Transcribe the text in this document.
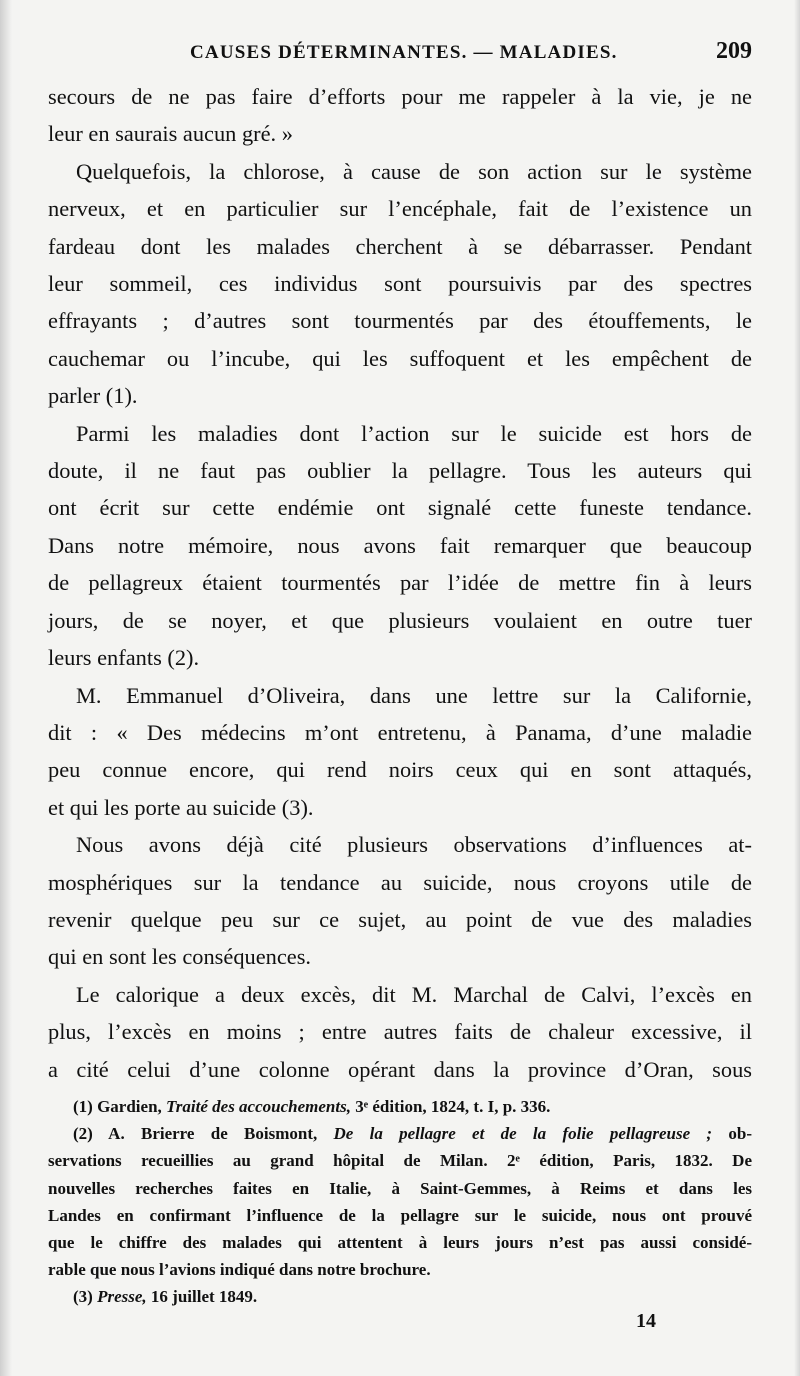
CAUSES DÉTERMINANTES. — MALADIES.	209
secours de ne pas faire d’efforts pour me rappeler à la vie, je ne
leur en saurais aucun gré. »
Quelquefois, la chlorose, à cause de son action sur le système
nerveux, et en particulier sur l’encéphale, fait de l’existence un
fardeau dont les malades cherchent à se débarrasser. Pendant
leur sommeil, ces individus sont poursuivis par des spectres
effrayants ; d’autres sont tourmentés par des étouffements, le
cauchemar ou l’incube, qui les suffoquent et les empêchent de
parler (1).
Parmi les maladies dont l’action sur le suicide est hors de
doute, il ne faut pas oublier la pellagre. Tous les auteurs qui
ont écrit sur cette endémie ont signalé cette funeste tendance.
Dans notre mémoire, nous avons fait remarquer que beaucoup
de pellagreux étaient tourmentés par l’idée de mettre fin à leurs
jours, de se noyer, et que plusieurs voulaient en outre tuer
leurs enfants (2).
M. Emmanuel d’Oliveira, dans une lettre sur la Californie,
dit : « Des médecins m’ont entretenu, à Panama, d’une maladie
peu connue encore, qui rend noirs ceux qui en sont attaqués,
et qui les porte au suicide (3).
Nous avons déjà cité plusieurs observations d’influences at-
mosphériques sur la tendance au suicide, nous croyons utile de
revenir quelque peu sur ce sujet, au point de vue des maladies
qui en sont les conséquences.
Le calorique a deux excès, dit M. Marchal de Calvi, l’excès en
plus, l’excès en moins ; entre autres faits de chaleur excessive, il
a cité celui d’une colonne opérant dans la province d’Oran, sous
(1) Gardien, Traité des accouchements, 3ᵉ édition, 1824, t. I, p. 336.
(2) A. Brierre de Boismont, De la pellagre et de la folie pellagreuse ; ob-
servations recueillies au grand hôpital de Milan. 2ᵉ édition, Paris, 1832. De
nouvelles recherches faites en Italie, à Saint-Gemmes, à Reims et dans les
Landes en confirmant l’influence de la pellagre sur le suicide, nous ont prouvé
que le chiffre des malades qui attentent à leurs jours n’est pas aussi considé-
rable que nous l’avions indiqué dans notre brochure.
(3) Presse, 16 juillet 1849.
14
